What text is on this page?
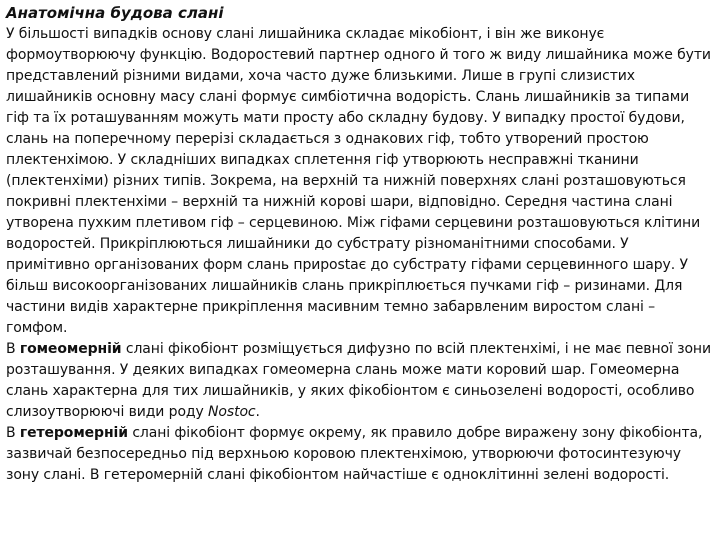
Анатомічна будова слані

У більшості випадків основу слані лишайника складає мікобіонт, і він же виконує формоутворюючу функцію. Водоростевий партнер одного й того ж виду лишайника може бути представлений різними видами, хоча часто дуже близькими. Лише в групі слизистих лишайників основну масу слані формує симбіотична водорість. Слань лишайників за типами гіф та їх роташуванням можуть мати просту або складну будову. У випадку простої будови, слань на поперечному перерізі складається з однакових гіф, тобто утворений простою плектенхімою. У складніших випадках сплетення гіф утворюють несправжні тканини (плектенхіми) різних типів. Зокрема, на верхній та нижній поверхнях слані розташовуються покривні плектенхіми – верхній та нижній корові шари, відповідно. Середня частина слані утворена пухким плетивом гіф – серцевиною. Між гіфами серцевини розташовуються клітини водоростей. Прикріплюються лишайники до субстрату різноманітними способами. У примітивно організованих форм слань прирostає до субстрату гіфами серцевинного шару. У більш високоорганізованих лишайників слань прикріплюється пучками гіф – ризинами. Для частини видів характерне прикріплення масивним темно забарвленим виростом слані – гомфом.

В гомеомерній слані фікобіонт розміщується дифузно по всій плектенхімі, і не має певної зони розташування. У деяких випадках гомеомерна слань може мати коровий шар. Гомеомерна слань характерна для тих лишайників, у яких фікобіонтом є синьозелені водорості, особливо слизоутворюючі види роду Nostoc.

В гетеромерній слані фікобіонт формує окрему, як правило добре виражену зону фікобіонта, зазвичай безпосередньо під верхньою коровою плектенхімою, утворюючи фотосинтезуючу зону слані. В гетеромерній слані фікобіонтом найчастіше є одноклітинні зелені водорості.
